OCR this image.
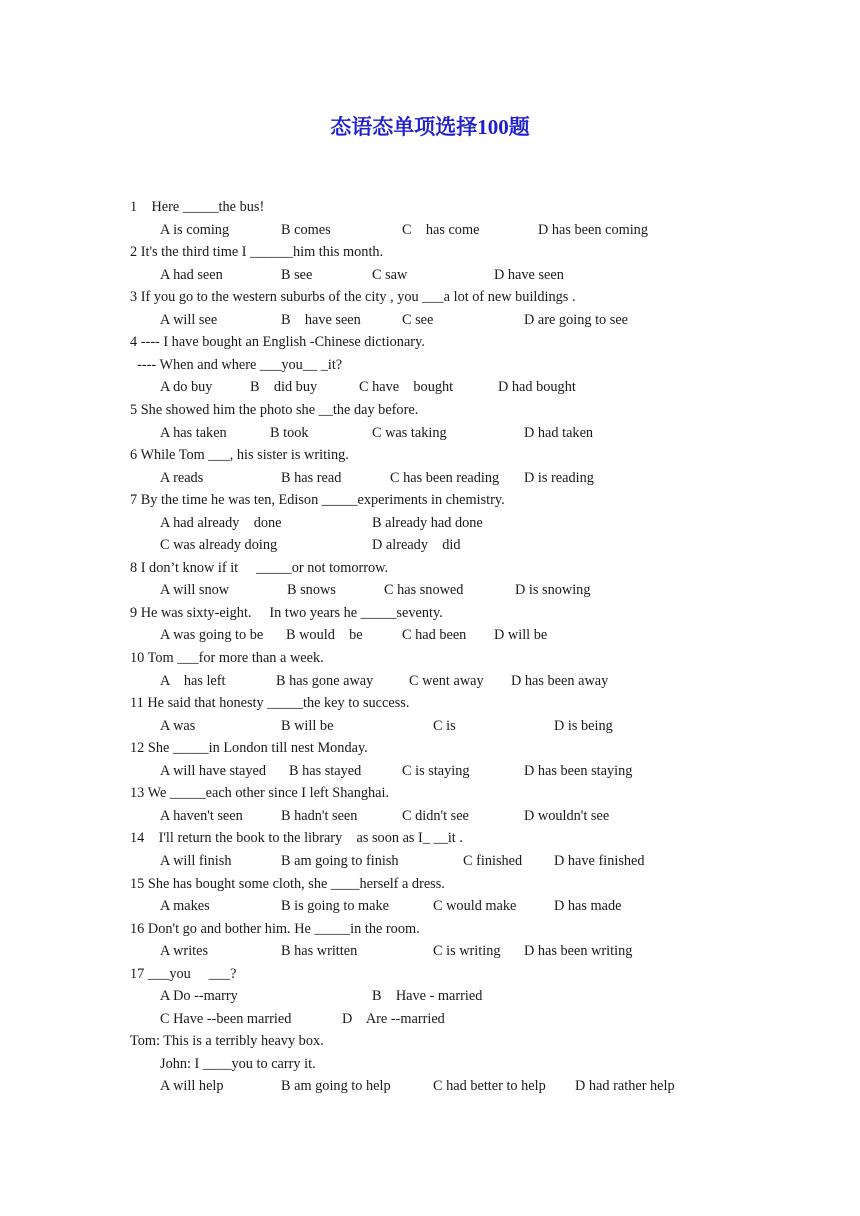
态语态单项选择100题
1    Here _____the bus!
A is coming	B comes	C    has come	D has been coming
2 It's the third time I ______him this month.
A had seen	B see	C saw	D have seen
3 If you go to the western suburbs of the city , you ___a lot of new buildings .
A will see	B    have seen	C see	D are going to see
4 ---- I have bought an English -Chinese dictionary.
---- When and where ___you__ _it?
A do buy	B    did buy	C have    bought	D had bought
5 She showed him the photo she __the day before.
A has taken	B took	C was taking	D had taken
6 While Tom ___, his sister is writing.
A reads	B has read	C has been reading D is reading
7 By the time he was ten, Edison _____experiments in chemistry.
A had already    done	B already had done
C was already doing	D already    did
8 I don’t know if it     _____or not tomorrow.
A will snow	B snows	C has snowed	D is snowing
9 He was sixty-eight.     In two years he _____seventy.
A was going to be B would    be	C had been D will be
10 Tom ___for more than a week.
A    has left	B has gone away C went away D has been away
11 He said that honesty _____the key to success.
A was	B will be	C is	D is being
12 She _____in London till nest Monday.
A will have stayed B has stayed	C is staying	D has been staying
13 We _____each other since I left Shanghai.
A haven't seen	B hadn't seen	C didn't see	D wouldn't see
14    I'll return the book to the library    as soon as I_ __it .
A will finish	B am going to finish	C finished D have finished
15 She has bought some cloth, she ____herself a dress.
A makes	B is going to make	C would make	D has made
16 Don't go and bother him. He _____in the room.
A writes	B has written	C is writing D has been writing
17 ___you     ___?
A Do --marry	B    Have - married
C Have --been married	D    Are --married
Tom: This is a terribly heavy box.
John: I ____you to carry it.
A will help	B am going to help	C had better to help D had rather help
